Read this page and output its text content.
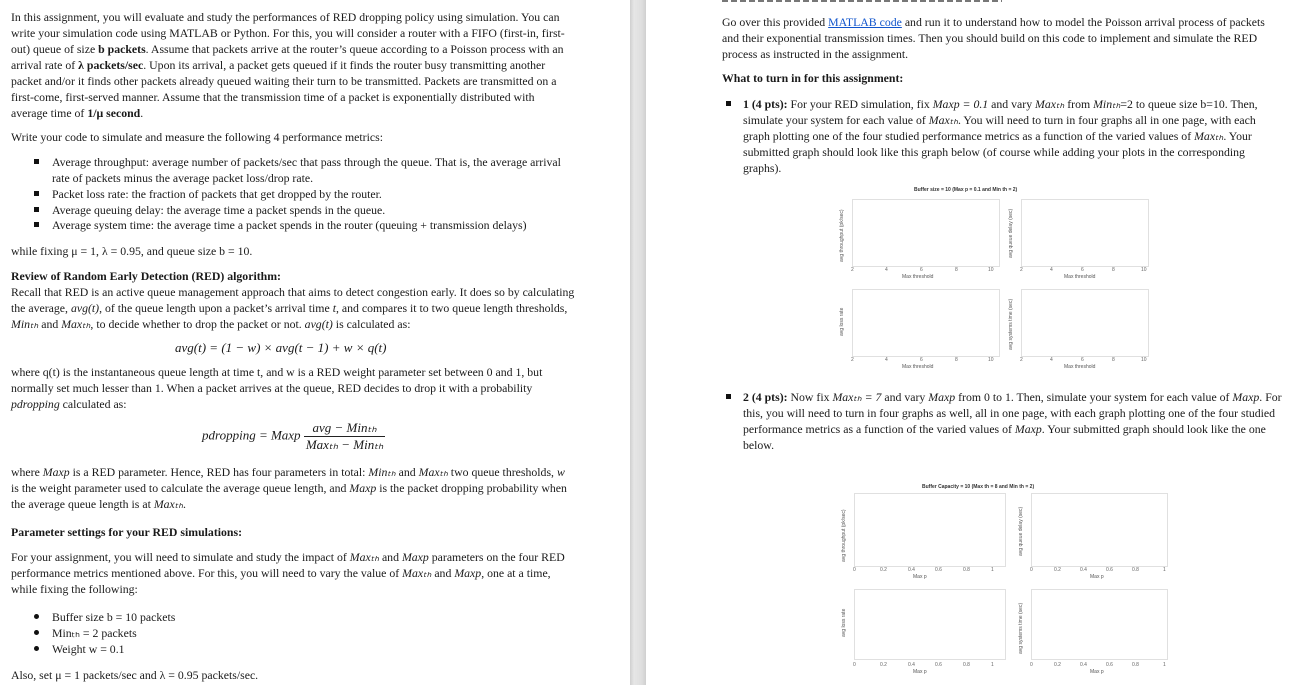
In this assignment, you will evaluate and study the performances of RED dropping policy using simulation. You can write your simulation code using MATLAB or Python. For this, you will consider a router with a FIFO (first-in, first-out) queue of size b packets. Assume that packets arrive at the router’s queue according to a Poisson process with an arrival rate of λ packets/sec. Upon its arrival, a packet gets queued if it finds the router busy transmitting another packet and/or it finds other packets already queued waiting their turn to be transmitted. Packets are transmitted on a first-come, first-served manner. Assume that the transmission time of a packet is exponentially distributed with average time of 1/μ second.

Write your code to simulate and measure the following 4 performance metrics:

Average throughput: average number of packets/sec that pass through the queue. That is, the average arrival rate of packets minus the average packet loss/drop rate.

Packet loss rate: the fraction of packets that get dropped by the router.

Average queuing delay: the average time a packet spends in the queue.

Average system time: the average time a packet spends in the router (queuing + transmission delays)

while fixing μ = 1, λ = 0.95, and queue size b = 10.

Review of Random Early Detection (RED) algorithm:

Recall that RED is an active queue management approach that aims to detect congestion early. It does so by calculating the average, avg(t), of the queue length upon a packet’s arrival time t, and compares it to two queue length thresholds, Minₜₕ and Maxₜₕ, to decide whether to drop the packet or not. avg(t) is calculated as:

avg(t) = (1 − w) × avg(t − 1) + w × q(t)

where q(t) is the instantaneous queue length at time t, and w is a RED weight parameter set between 0 and 1, but normally set much lesser than 1. When a packet arrives at the queue, RED decides to drop it with a probability pdropping calculated as:

pdropping = Maxp $\frac{\text{avg − Minₜₕ}}{\text{Maxₜₕ − Minₜₕ}}$

where Maxp is a RED parameter. Hence, RED has four parameters in total: Minₜₕ and Maxₜₕ two queue thresholds, w is the weight parameter used to calculate the average queue length, and Maxp is the packet dropping probability when the average queue length is at Maxₜₕ.

Parameter settings for your RED simulations:

For your assignment, you will need to simulate and study the impact of Maxₜₕ and Maxp parameters on the four RED performance metrics mentioned above. For this, you will need to vary the value of Maxₜₕ and Maxp, one at a time, while fixing the following:

Buffer size b = 10 packets

Minₜₕ = 2 packets

Weight w = 0.1

Also, set μ = 1 packets/sec and λ = 0.95 packets/sec.

Go over this provided MATLAB code and run it to understand how to model the Poisson arrival process of packets and their exponential transmission times. Then you should build on this code to implement and simulate the RED process as instructed in the assignment.

What to turn in for this assignment:

1 (4 pts): For your RED simulation, fix Maxp = 0.1 and vary Maxₜₕ from Minₜₕ=2 to queue size b=10. Then, simulate your system for each value of Maxₜₕ. You will need to turn in four graphs all in one page, with each graph plotting one of the four studied performance metrics as a function of the varied values of Maxₜₕ. Your submitted graph should look like this graph below (of course while adding your plots in the corresponding graphs).

Buffer size = 10 (Max p = 0.1 and Min th = 2)
avg throughput (pk/sec)
2	4	6	8	10
Max threshold
avg queue delay (sec)
2	4	6	8	10
Max threshold
avg loss rate
2	4	6	8	10
Max threshold
avg systems time (sec)
2	4	6	8	10
Max threshold

2 (4 pts): Now fix Maxₜₕ = 7 and vary Maxp from 0 to 1. Then, simulate your system for each value of Maxp. For this, you will need to turn in four graphs as well, all in one page, with each graph plotting one of the four studied performance metrics as a function of the varied values of Maxp. Your submitted graph should look like the one below.

Buffer Capacity = 10 (Max th = 8 and Min th = 2)
avg throughput (pk/sec)
0	0.2	0.4	0.6	0.8	1
Max p
avg queue delay (sec)
0	0.2	0.4	0.6	0.8	1
Max p
avg loss rate
0	0.2	0.4	0.6	0.8	1
Max p
avg systems time (sec)
0	0.2	0.4	0.6	0.8	1
Max p
